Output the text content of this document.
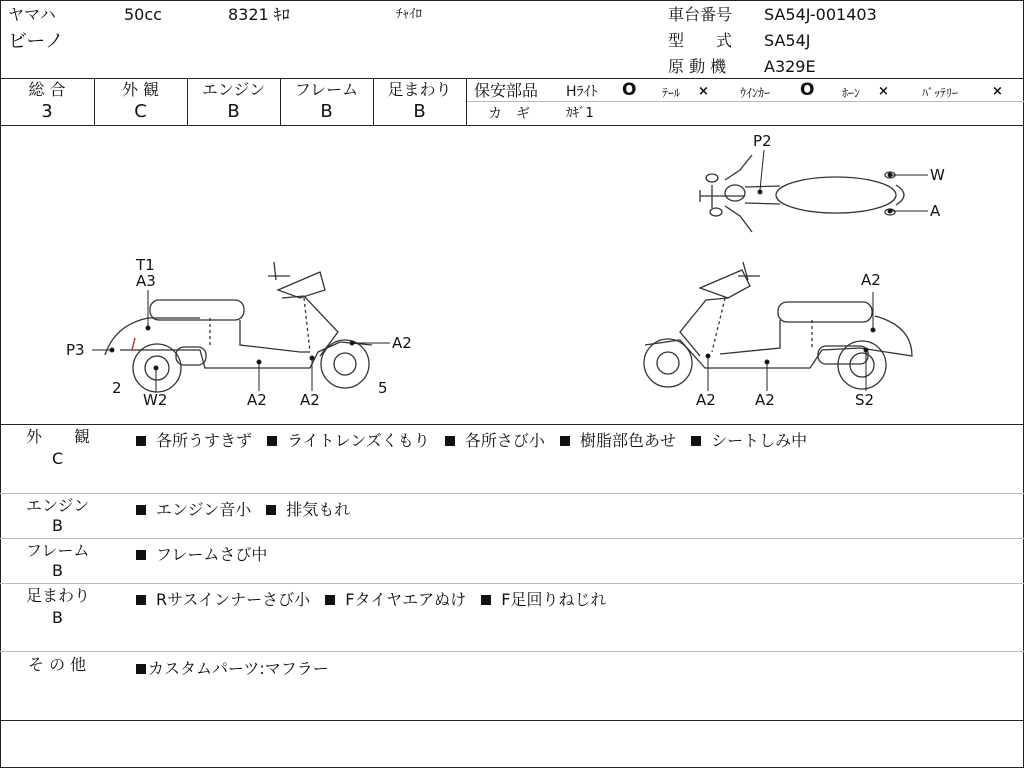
ヤマハ	50cc	8321 ｷﾛ	ﾁｬｲﾛ
ビーノ
車台番号 SA54J-001403
型　　式 SA54J
原 動 機 A329E
総 合
3
外 観
C
エンジン
B
フレーム
B
足まわり
B
保安部品 Hﾗｲﾄ O ﾃｰﾙ ×	ｳｲﾝｶｰ O ﾎｰﾝ ×	ﾊﾞｯﾃﾘｰ	×
カ　ギ	ｶｷﾞ1
P2
W
A
T1
A3
P3	A2
2
W2	A2 A2
5
A2
A2	A2	S2
外　　観
C
各所うすきず ライトレンズくもり 各所さび小 樹脂部色あせ シートしみ中
エンジン
B
エンジン音小 排気もれ
フレーム
B
フレームさび中
足まわり
B
Rサスインナーさび小 Fタイヤエアぬけ F足回りねじれ
そ の 他	カスタムパーツ:マフラー
